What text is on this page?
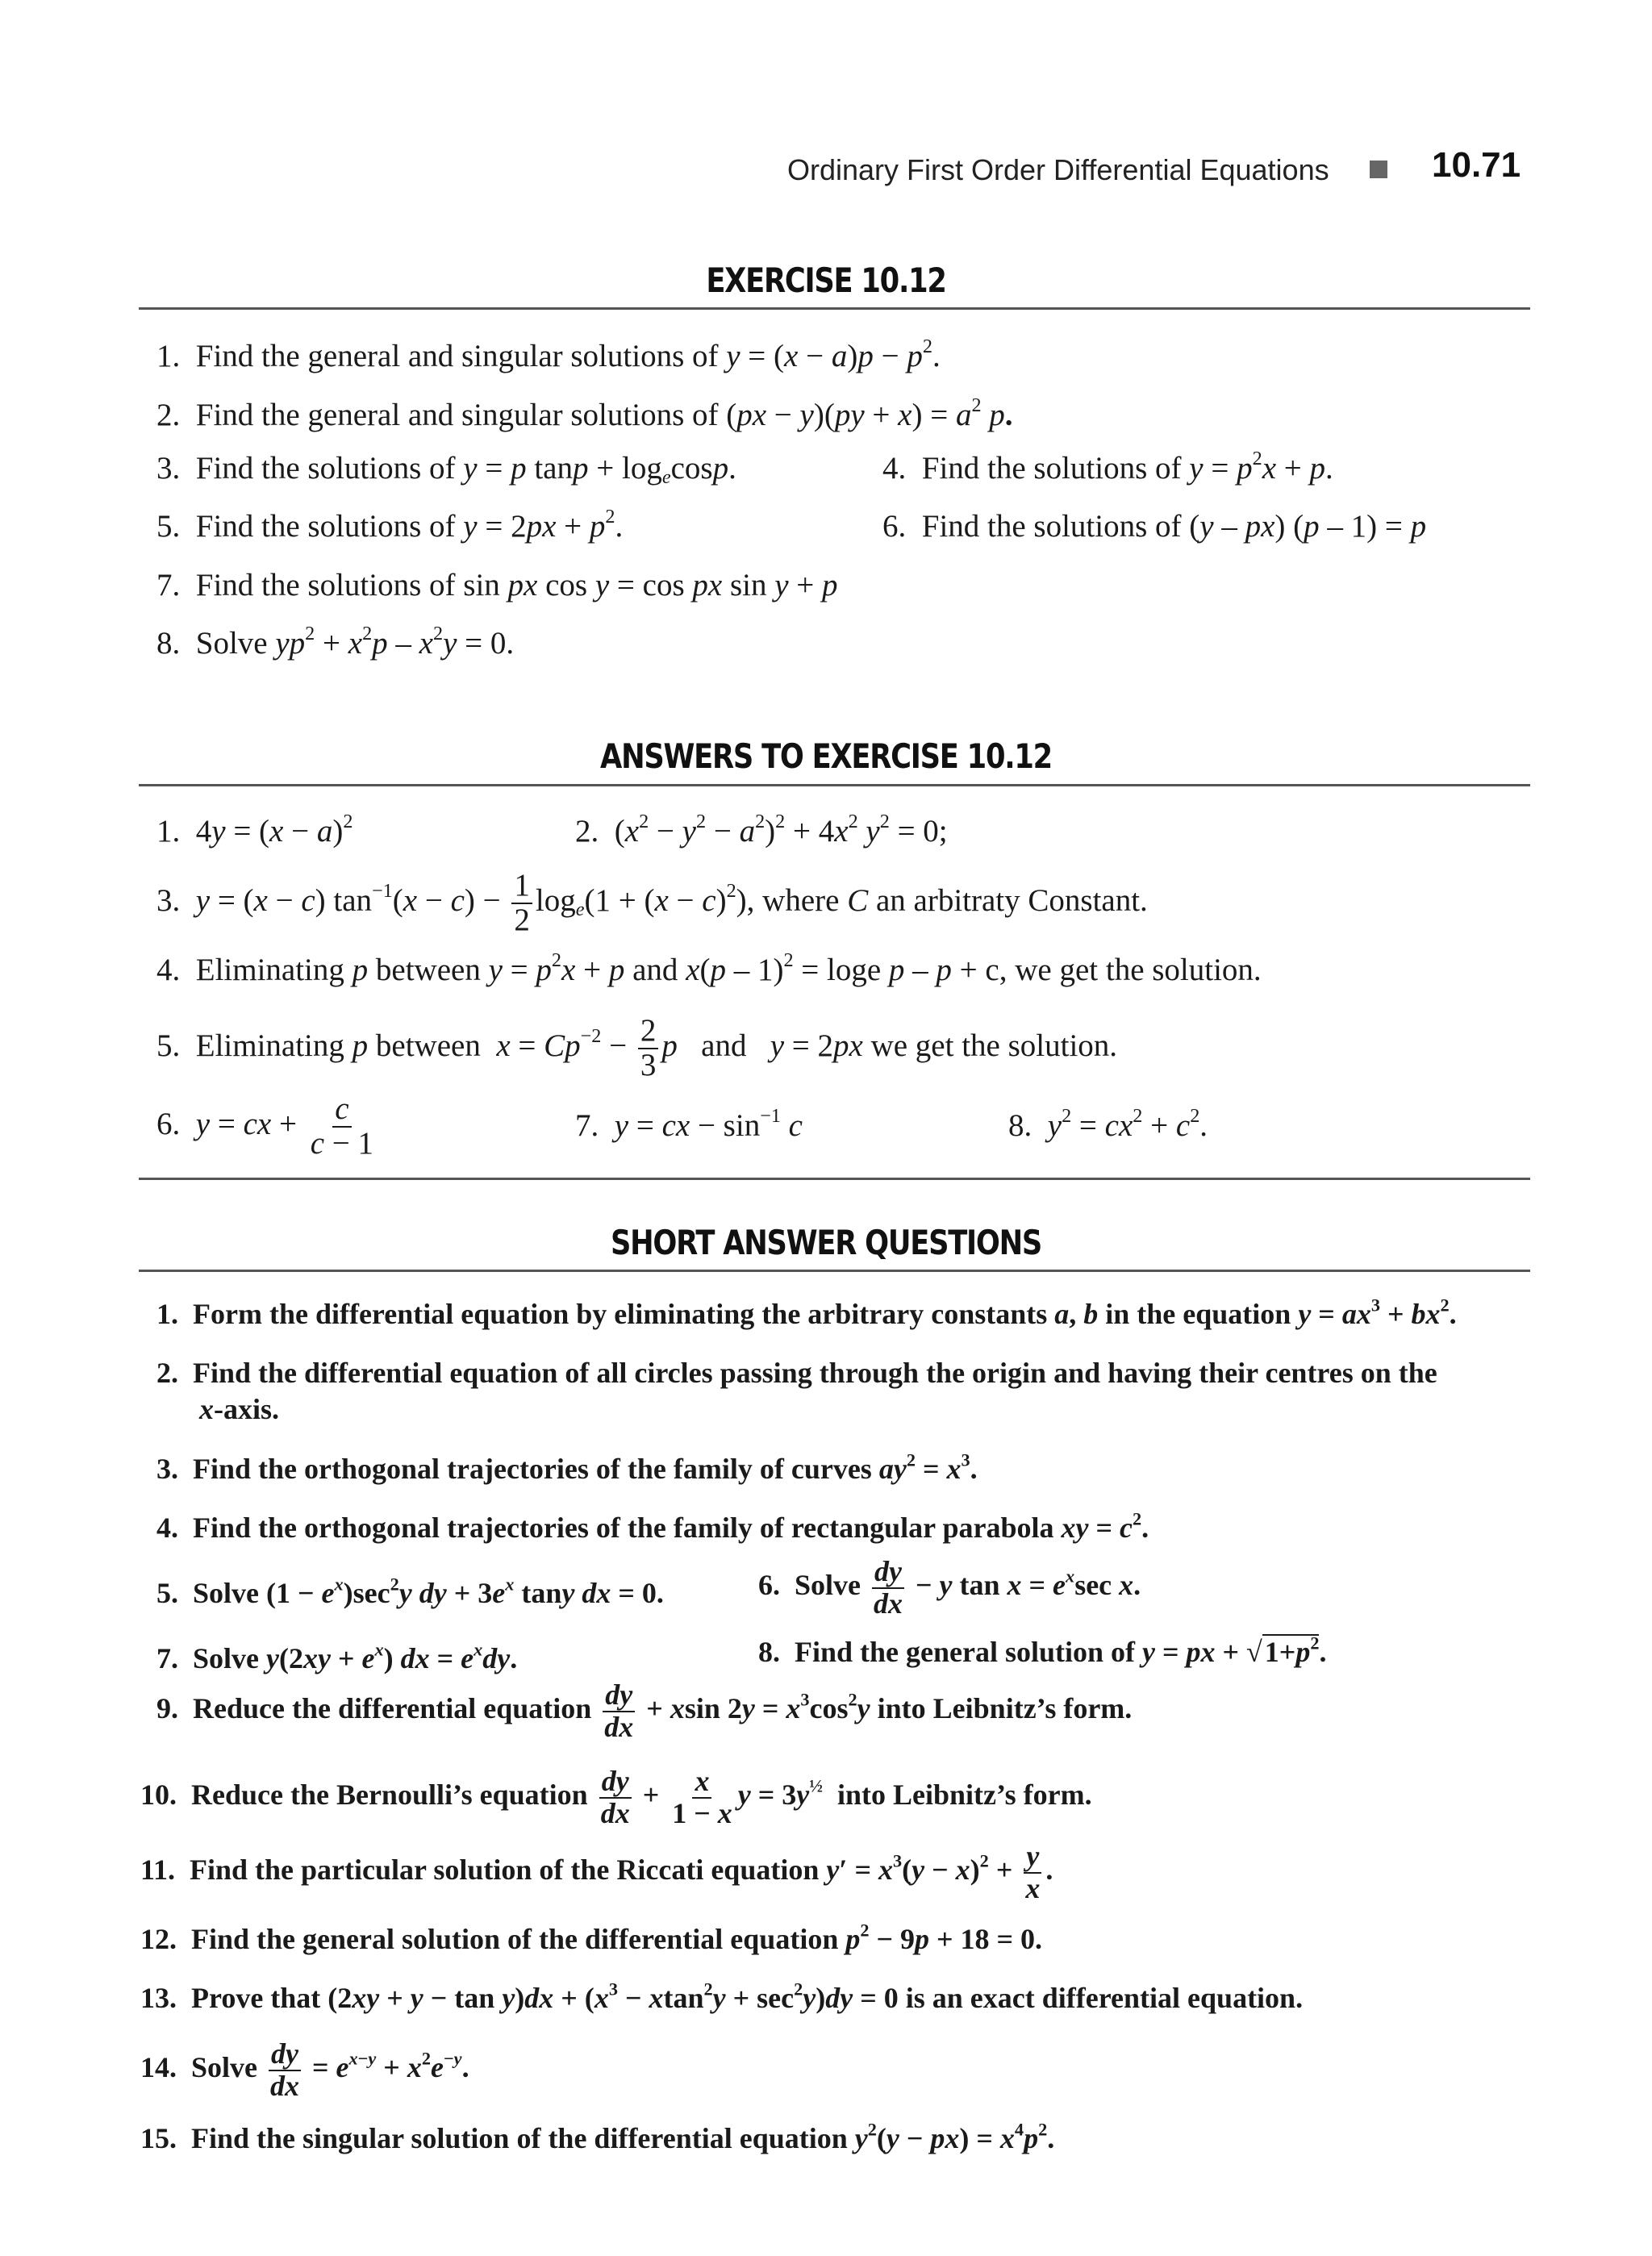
Ordinary First Order Differential Equations	10.71
EXERCISE 10.12
1. Find the general and singular solutions of $y = (x - a)p - p^2$.
2. Find the general and singular solutions of $(px - y)(py + x) = a^2$ p.
3. Find the solutions of y = p $\tan p + \log_e\cos p$.	4. Find the solutions of $y = p^2x + p$.
5. Find the solutions of $y = 2px + p^2$.	6. Find the solutions of (y – px) (p – 1) = p
7. Find the solutions of sin px cos y = cos px sin y + p
8. Solve $yp^2 + x^2p - x^2y = 0$.
ANSWERS TO EXERCISE 10.12
1.  $4y = (x - a)^2$	2.  $(x^2 - y^2 - a^2)^2 + 4x^2$ $y^2 = 0$;
3. y = (x − c) $\tan^{-1}(x - c) - \frac{1}{2} \log_e(1 + (x - c)^2)$, where C an arbitraty Constant.
4. Eliminating p between $y = p^2x + p$ and x(p – 1)$^2$ = loge p – p + c, we get the solution.
5. Eliminating p between $x = Cp^{-2} - \frac{2}{3}$ p and y = 2px we get the solution.
6. y = cx + $\frac{c}{c - 1}$	7. y = cx − $\sin^{-1} c$	8. $y^2 = cx^2 + c^2$.
SHORT ANSWER QUESTIONS
1. Form the differential equation by eliminating the arbitrary constants a, b in the equation $y = ax^3 + bx^2$.
2. Find the differential equation of all circles passing through the origin and having their centres on the
x-axis.
3. Find the orthogonal trajectories of the family of curves $ay^2 = x^3$.
4. Find the orthogonal trajectories of the family of rectangular parabola xy = $c^2$.
5. Solve $(1 - e^x)\sec^2y$ dy + $3e^x$ tany dx = 0.	6. Solve $\frac{dy}{dx} - y$ $\tan x = e^x\sec$ x.
7. Solve $y(2xy + e^x)$ dx = $e^xdy$.	8. Find the general solution of y = px + $√1+p^2$.
9. Reduce the differential equation $\frac{dy}{dx} + xsin$ $2y = x^3\cos^2y$ into Leibnitz’s form.
10. Reduce the Bernoulli’s equation $\frac{dy}{dx} + \frac{x}{1 - x}$ $y = 3y^{\frac{1}{2}}$ into Leibnitz’s form.
11. Find the particular solution of the Riccati equation $y' = x^3(y - x)^2 + \frac{y}{x}$ .
12. Find the general solution of the differential equation $p^2 - 9p + 18 = 0$.
13. Prove that $(2xy + y - \tan y)dx + (x^3 - xtan^2y + \sec^2y)dy = 0$ is an exact differential equation.
14. Solve $\frac{dy}{dx} = e^{x-y} + x^2e^{-y}$.
15. Find the singular solution of the differential equation $y^2(y - px) = x^4p^2$.
